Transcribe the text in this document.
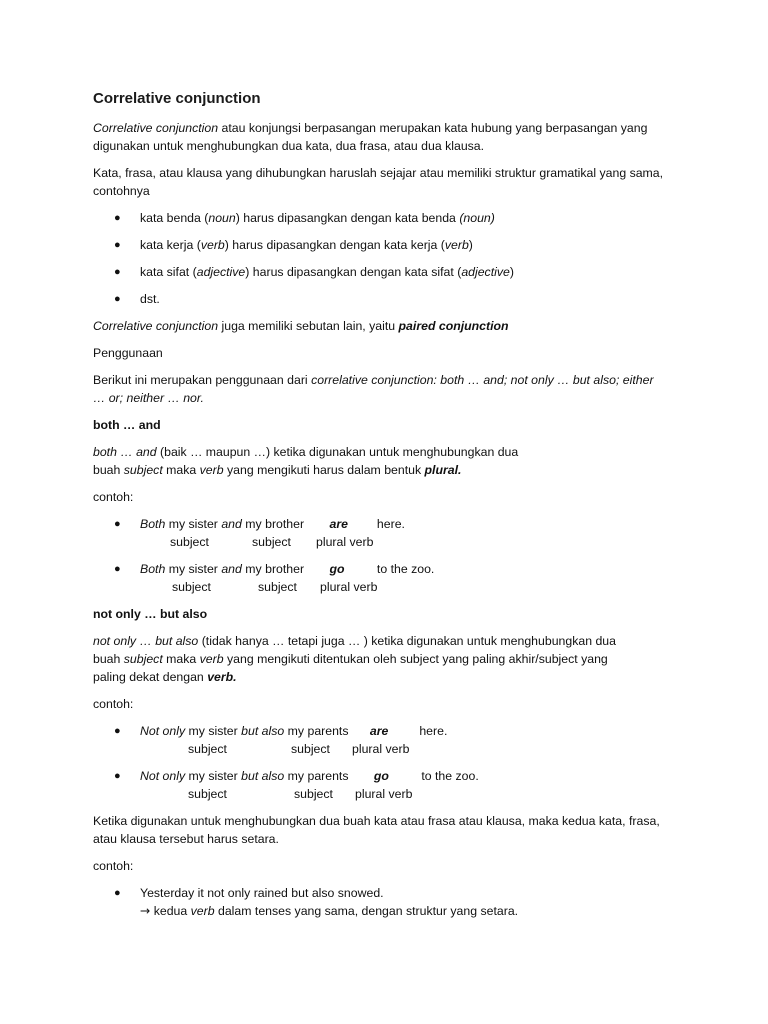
Correlative conjunction
Correlative conjunction atau konjungsi berpasangan merupakan kata hubung yang berpasangan yang digunakan untuk menghubungkan dua kata, dua frasa, atau dua klausa.
Kata, frasa, atau klausa yang dihubungkan haruslah sejajar atau memiliki struktur gramatikal yang sama, contohnya
● kata benda (noun) harus dipasangkan dengan kata benda (noun)
● kata kerja (verb) harus dipasangkan dengan kata kerja (verb)
● kata sifat (adjective) harus dipasangkan dengan kata sifat (adjective)
● dst.
Correlative conjunction juga memiliki sebutan lain, yaitu paired conjunction
Penggunaan
Berikut ini merupakan penggunaan dari correlative conjunction: both … and; not only … but also; either … or; neither … nor.
both … and
both … and (baik … maupun …) ketika digunakan untuk menghubungkan dua
buah subject maka verb yang mengikuti harus dalam bentuk plural.
contoh:
● Both my sister and my brother are here.
subject	subject plural verb
● Both my sister and my brother go	to the zoo.
subject	subject plural verb
not only … but also
not only … but also (tidak hanya … tetapi juga … ) ketika digunakan untuk menghubungkan dua
buah subject maka verb yang mengikuti ditentukan oleh subject yang paling akhir/subject yang
paling dekat dengan verb.
contoh:
● Not only my sister but also my parents are	here.
subject	subject plural verb
● Not only my sister but also my parents go	to the zoo.
subject	subject plural verb
Ketika digunakan untuk menghubungkan dua buah kata atau frasa atau klausa, maka kedua kata, frasa, atau klausa tersebut harus setara.
contoh:
● Yesterday it not only rained but also snowed.
→ kedua verb dalam tenses yang sama, dengan struktur yang setara.
